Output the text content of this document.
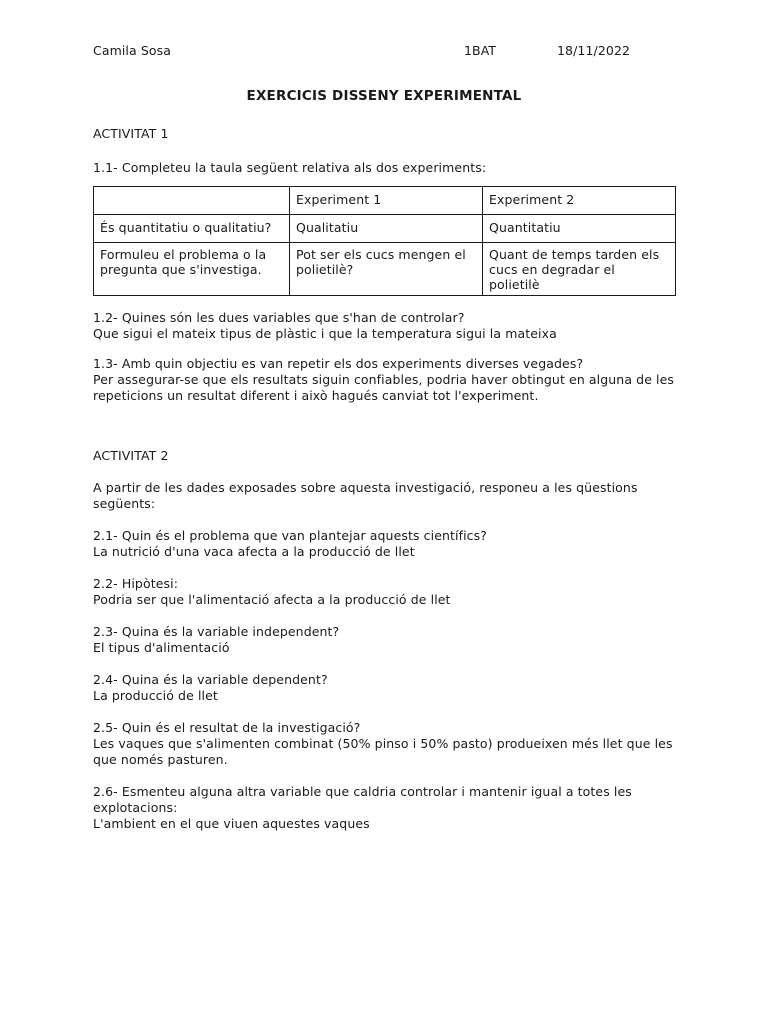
Camila Sosa	1BAT	18/11/2022
EXERCICIS DISSENY EXPERIMENTAL

ACTIVITAT 1

1.1- Completeu la taula següent relativa als dos experiments:

	Experiment 1	Experiment 2
És quantitatiu o qualitatiu?	Qualitatiu	Quantitatiu
Formuleu el problema o la pregunta que s'investiga.	Pot ser els cucs mengen el polietilè?	Quant de temps tarden els cucs en degradar el polietilè

1.2- Quines són les dues variables que s'han de controlar?

Que sigui el mateix tipus de plàstic i que la temperatura sigui la mateixa

1.3- Amb quin objectiu es van repetir els dos experiments diverses vegades?

Per assegurar-se que els resultats siguin confiables, podria haver obtingut en alguna de les repeticions un resultat diferent i això hagués canviat tot l'experiment.

ACTIVITAT 2

A partir de les dades exposades sobre aquesta investigació, responeu a les qüestions següents:

2.1- Quin és el problema que van plantejar aquests científics?

La nutrició d'una vaca afecta a la producció de llet

2.2- Hipòtesi:

Podria ser que l'alimentació afecta a la producció de llet

2.3- Quina és la variable independent?

El tipus d'alimentació

2.4- Quina és la variable dependent?

La producció de llet

2.5- Quin és el resultat de la investigació?

Les vaques que s'alimenten combinat (50% pinso i 50% pasto) produeixen més llet que les que només pasturen.

2.6- Esmenteu alguna altra variable que caldria controlar i mantenir igual a totes les explotacions:

L'ambient en el que viuen aquestes vaques
